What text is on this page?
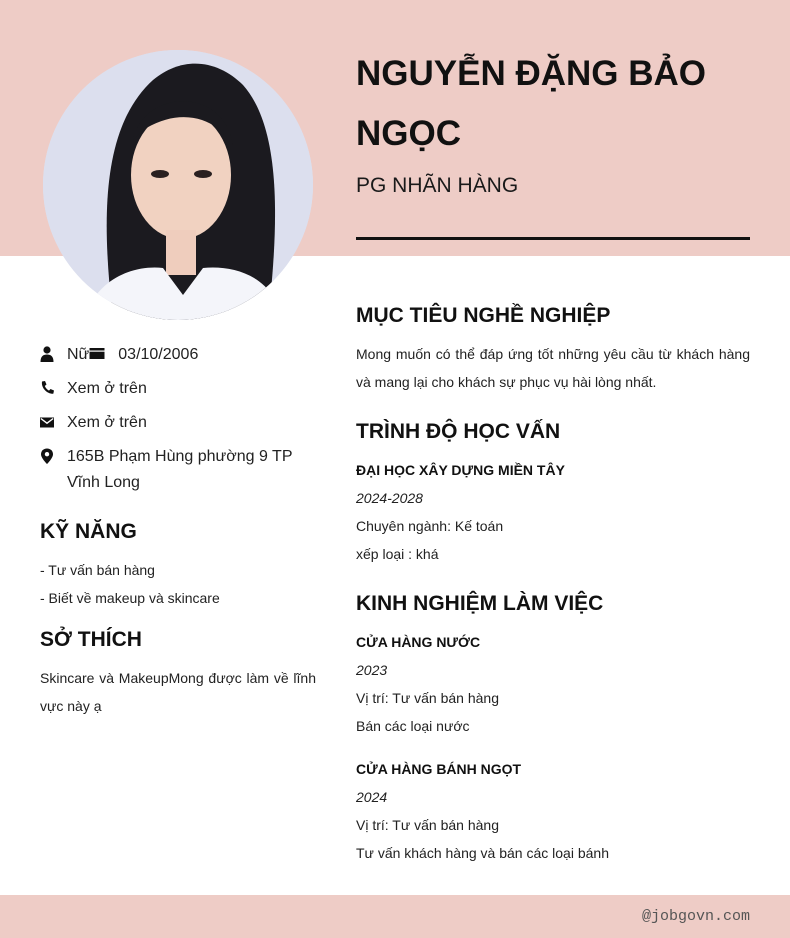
NGUYỄN ĐẶNG BẢO NGỌC
PG NHÃN HÀNG
Nữ 03/10/2006
Xem ở trên
Xem ở trên
165B Phạm Hùng phường 9 TP Vĩnh Long
KỸ NĂNG
- Tư vấn bán hàng
- Biết về makeup và skincare
SỞ THÍCH
Skincare và MakeupMong được làm về lĩnh vực này ạ
MỤC TIÊU NGHỀ NGHIỆP
Mong muốn có thể đáp ứng tốt những yêu cầu từ khách hàng và mang lại cho khách sự phục vụ hài lòng nhất.
TRÌNH ĐỘ HỌC VẤN
ĐẠI HỌC XÂY DỰNG MIỀN TÂY
2024-2028
Chuyên ngành: Kế toán
xếp loại : khá
KINH NGHIỆM LÀM VIỆC
CỬA HÀNG NƯỚC
2023
Vị trí: Tư vấn bán hàng
Bán các loại nước
CỬA HÀNG BÁNH NGỌT
2024
Vị trí: Tư vấn bán hàng
Tư vấn khách hàng và bán các loại bánh
@jobgovn.com
